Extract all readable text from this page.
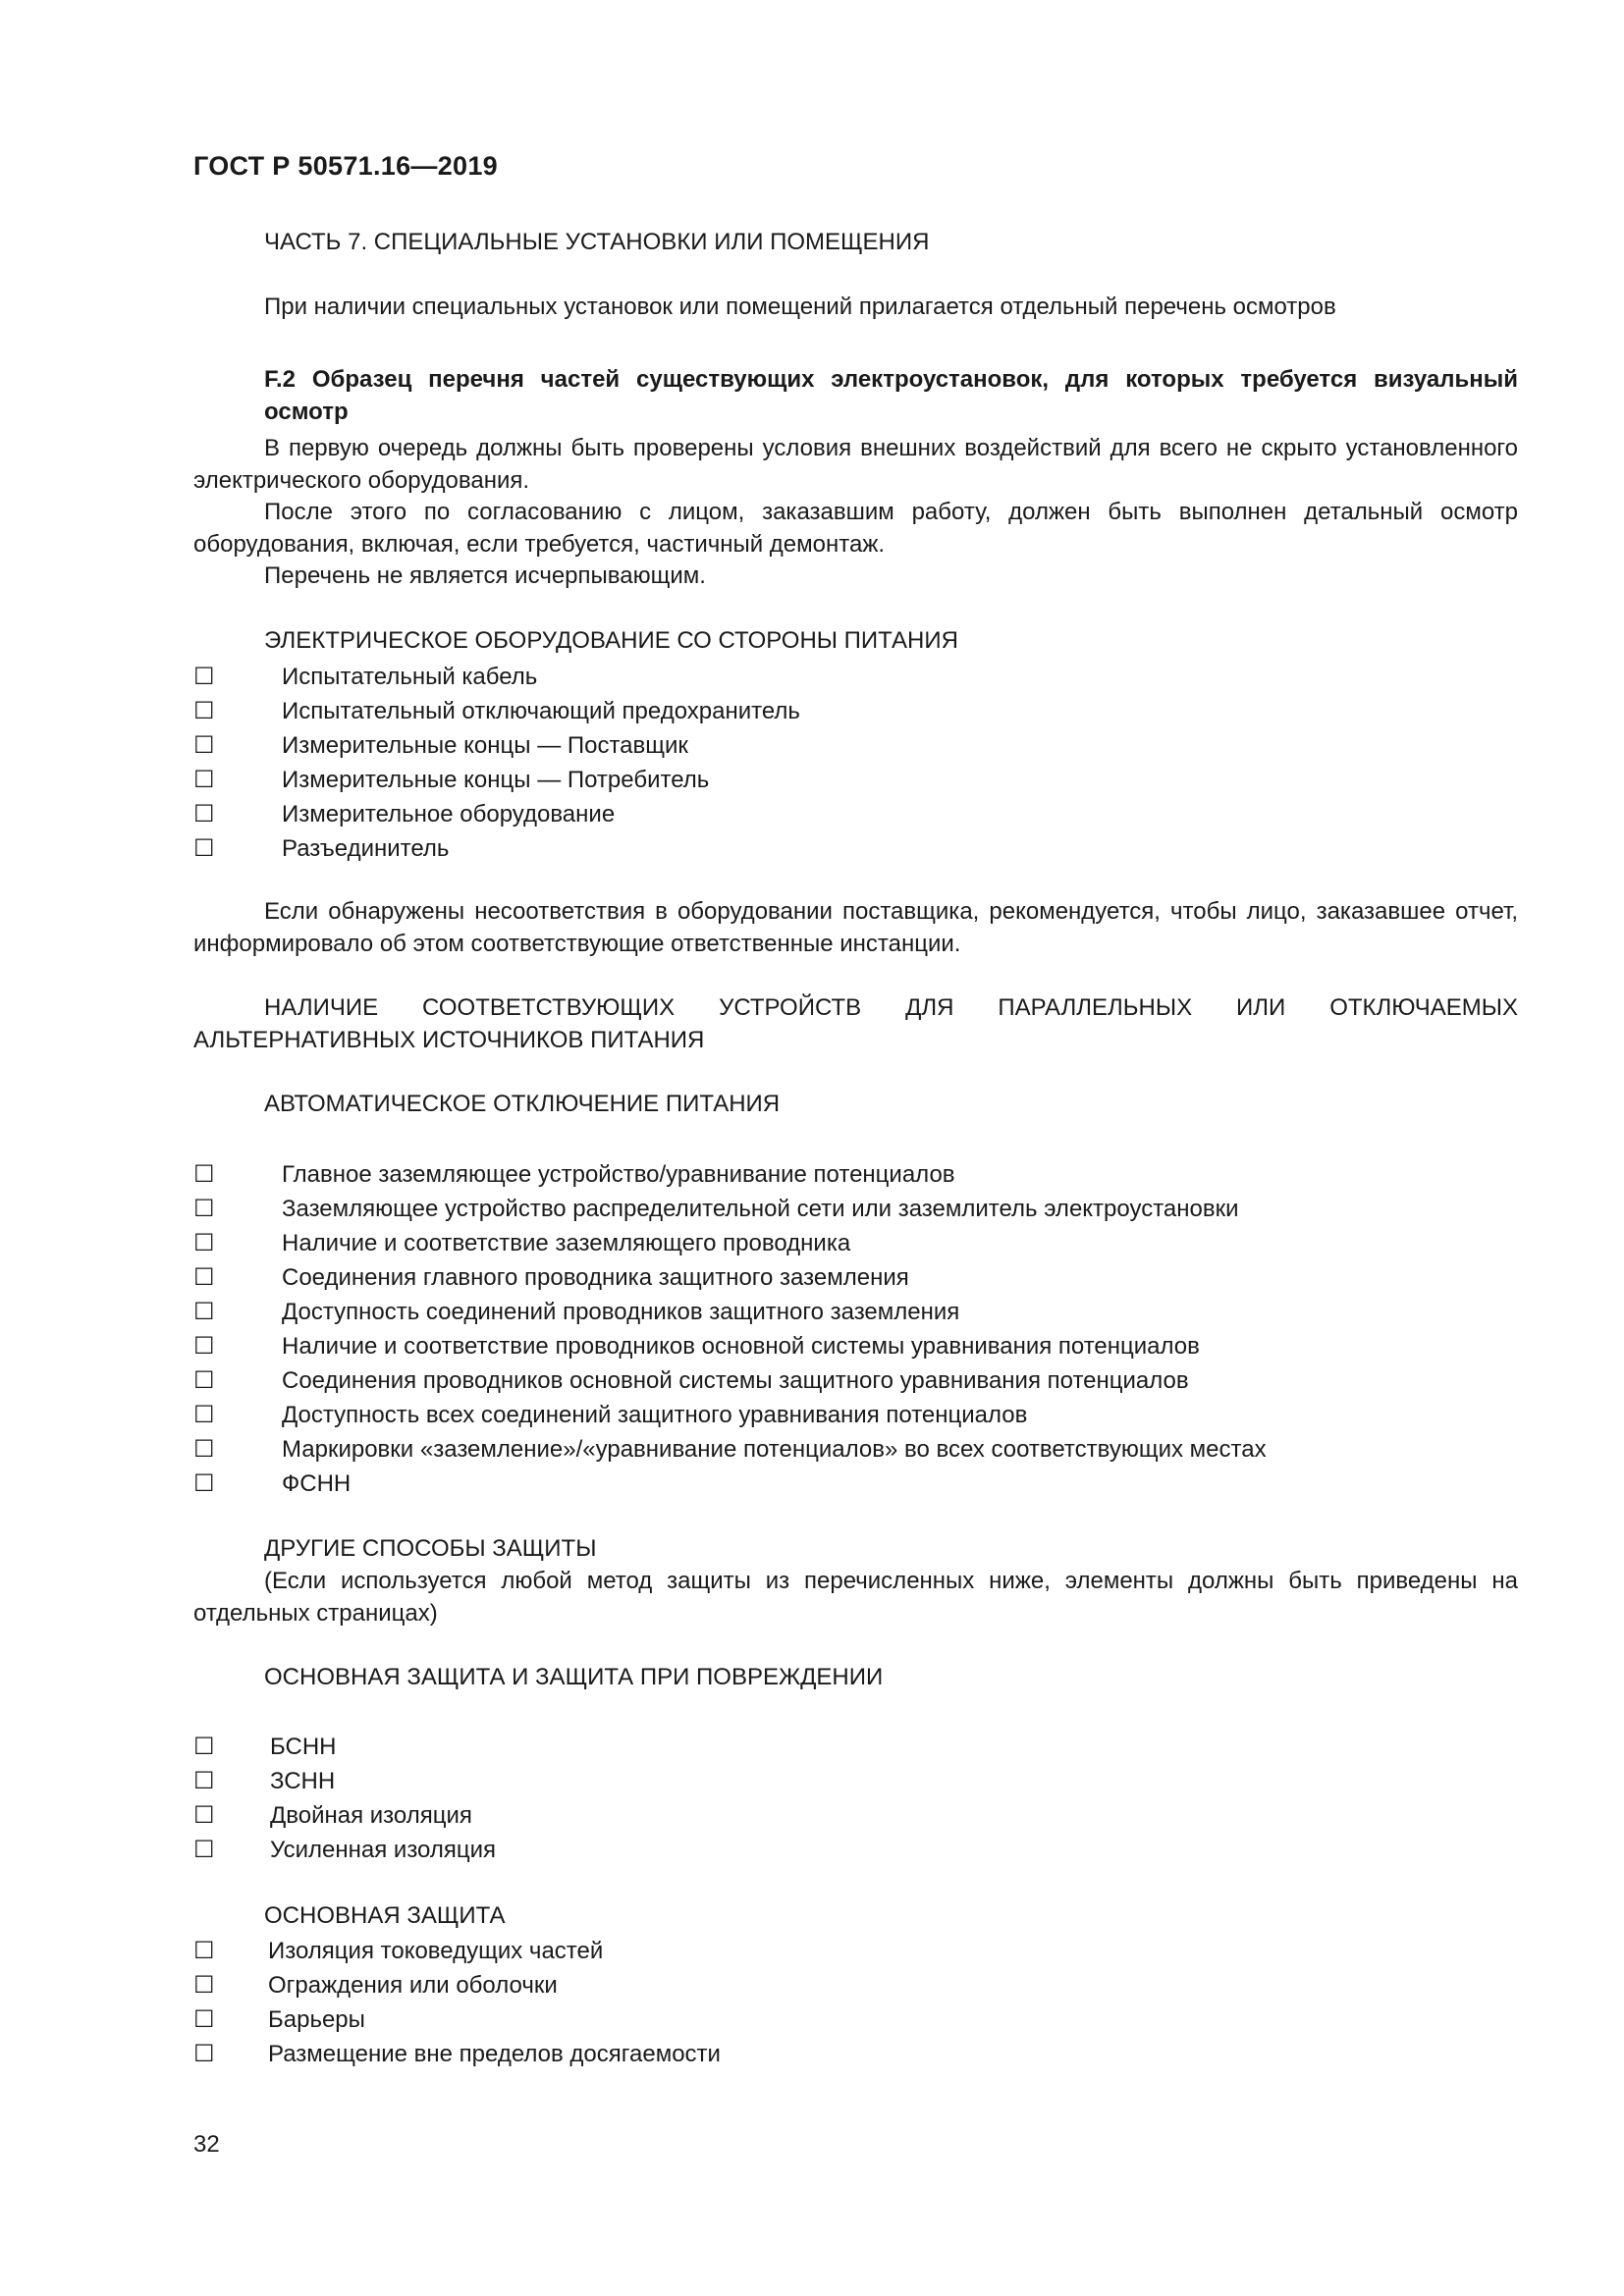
ГОСТ Р 50571.16—2019
ЧАСТЬ 7. СПЕЦИАЛЬНЫЕ УСТАНОВКИ ИЛИ ПОМЕЩЕНИЯ
При наличии специальных установок или помещений прилагается отдельный перечень осмотров
F.2 Образец перечня частей существующих электроустановок, для которых требуется визуальный осмотр
В первую очередь должны быть проверены условия внешних воздействий для всего не скрыто установленного электрического оборудования.
После этого по согласованию с лицом, заказавшим работу, должен быть выполнен детальный осмотр оборудования, включая, если требуется, частичный демонтаж.
Перечень не является исчерпывающим.
ЭЛЕКТРИЧЕСКОЕ ОБОРУДОВАНИЕ СО СТОРОНЫ ПИТАНИЯ
☐	Испытательный кабель
☐	Испытательный отключающий предохранитель
☐	Измерительные концы — Поставщик
☐	Измерительные концы — Потребитель
☐	Измерительное оборудование
☐	Разъединитель
Если обнаружены несоответствия в оборудовании поставщика, рекомендуется, чтобы лицо, заказавшее отчет, информировало об этом соответствующие ответственные инстанции.
НАЛИЧИЕ СООТВЕТСТВУЮЩИХ УСТРОЙСТВ ДЛЯ ПАРАЛЛЕЛЬНЫХ ИЛИ ОТКЛЮЧАЕМЫХ АЛЬТЕРНАТИВНЫХ ИСТОЧНИКОВ ПИТАНИЯ
АВТОМАТИЧЕСКОЕ ОТКЛЮЧЕНИЕ ПИТАНИЯ
☐	Главное заземляющее устройство/уравнивание потенциалов
☐	Заземляющее устройство распределительной сети или заземлитель электроустановки
☐	Наличие и соответствие заземляющего проводника
☐	Соединения главного проводника защитного заземления
☐	Доступность соединений проводников защитного заземления
☐	Наличие и соответствие проводников основной системы уравнивания потенциалов
☐	Соединения проводников основной системы защитного уравнивания потенциалов
☐	Доступность всех соединений защитного уравнивания потенциалов
☐	Маркировки «заземление»/«уравнивание потенциалов» во всех соответствующих местах
☐	ФСНН
ДРУГИЕ СПОСОБЫ ЗАЩИТЫ
(Если используется любой метод защиты из перечисленных ниже, элементы должны быть приведены на отдельных страницах)
ОСНОВНАЯ ЗАЩИТА И ЗАЩИТА ПРИ ПОВРЕЖДЕНИИ
☐	БСНН
☐	ЗСНН
☐	Двойная изоляция
☐	Усиленная изоляция
ОСНОВНАЯ ЗАЩИТА
☐	Изоляция токоведущих частей
☐	Ограждения или оболочки
☐	Барьеры
☐	Размещение вне пределов досягаемости
32
